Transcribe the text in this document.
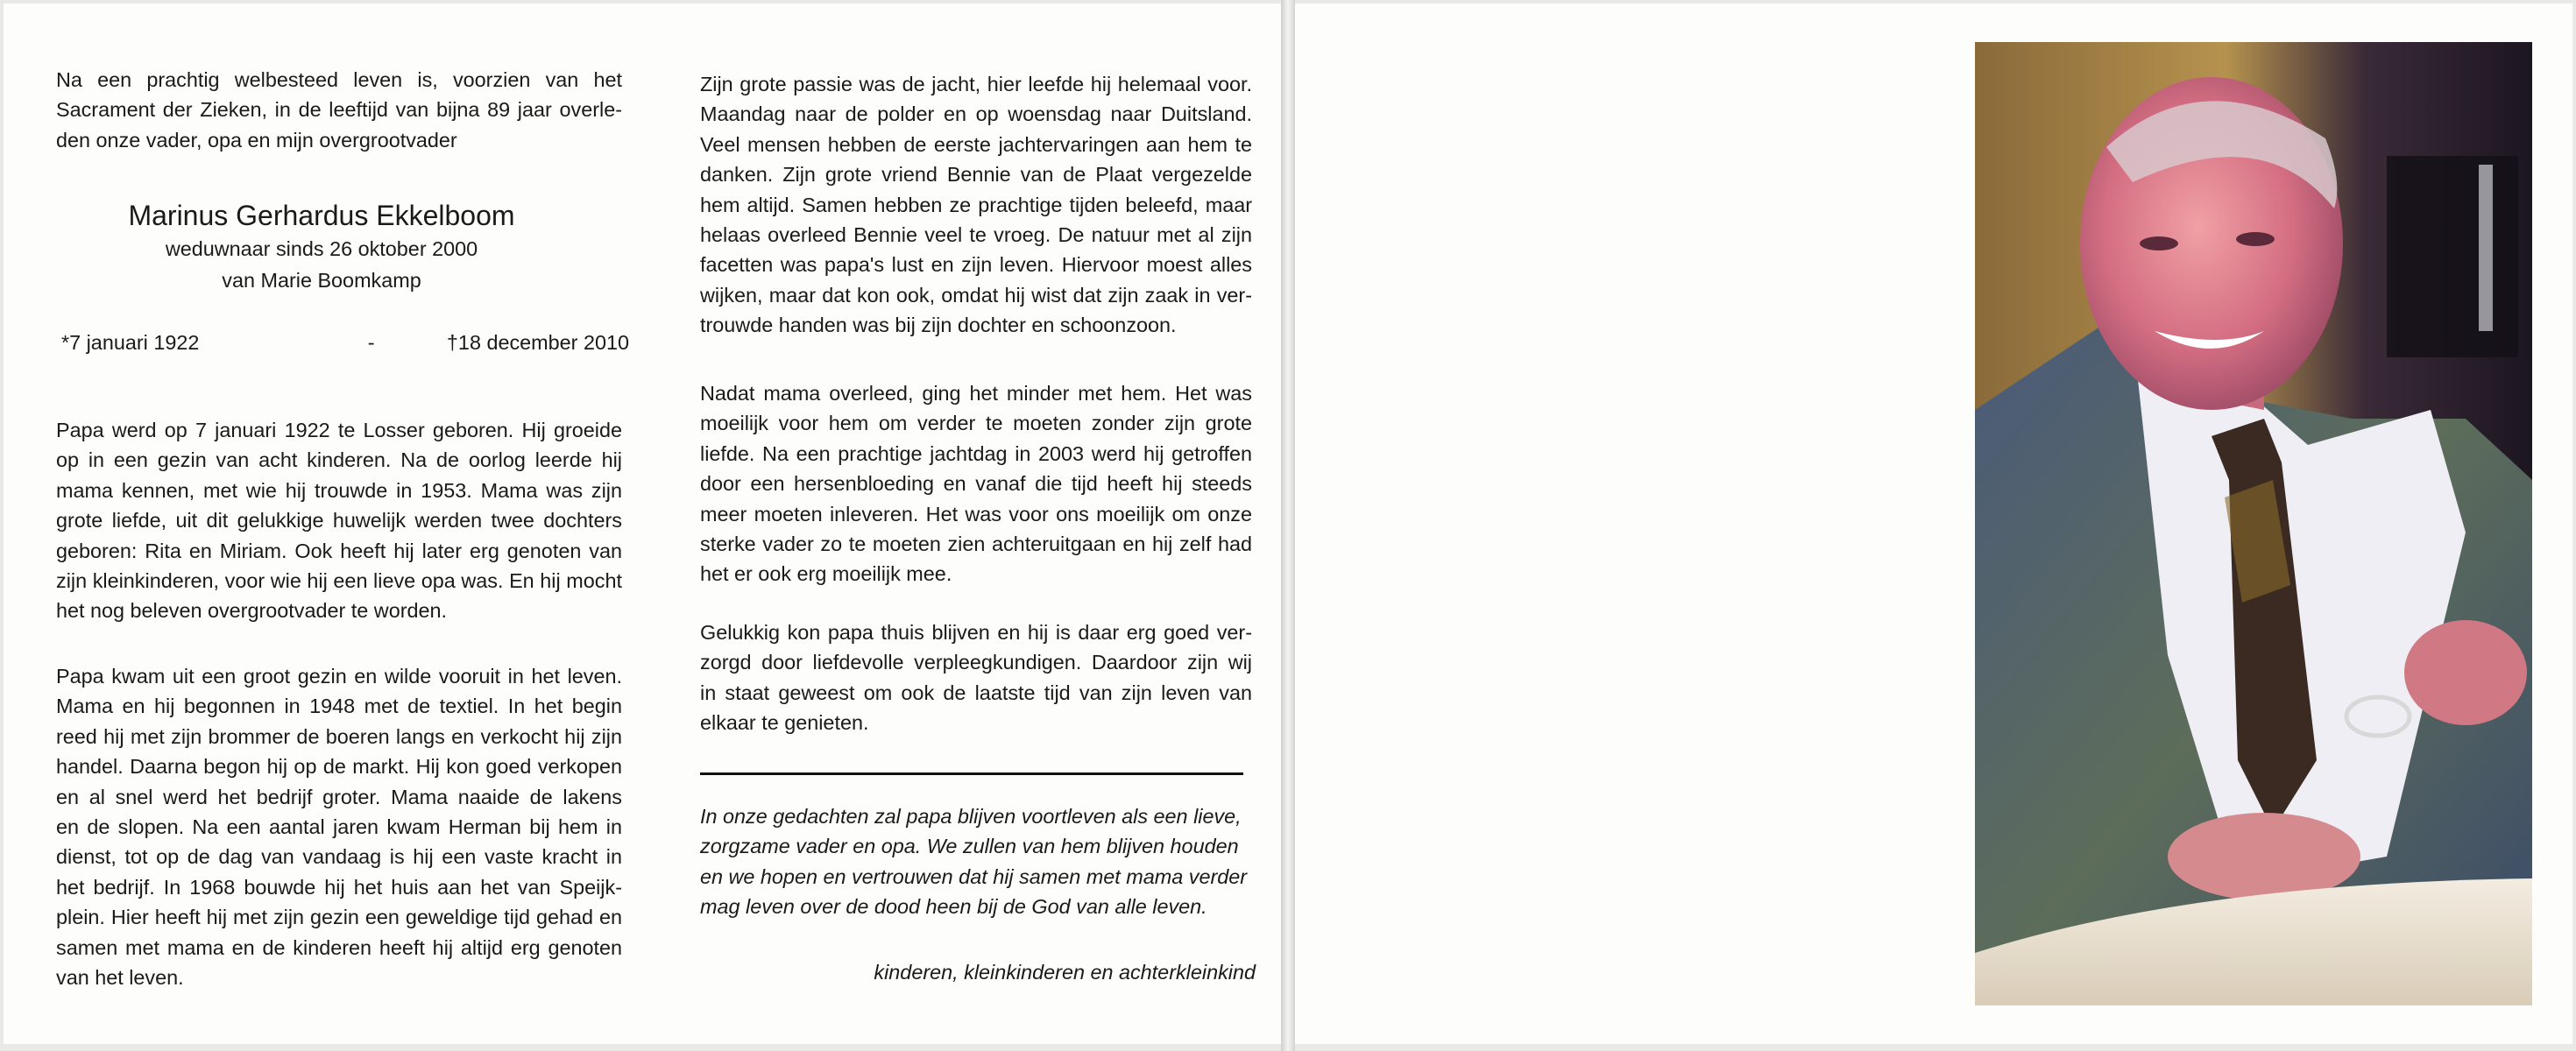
Na een prachtig welbesteed leven is, voorzien van het

Sacrament der Zieken, in de leeftijd van bijna 89 jaar overle-

den onze vader, opa en mijn overgrootvader

Marinus Gerhardus Ekkelboom

weduwnaar sinds 26 oktober 2000

van Marie Boomkamp

*7 januari 1922	-	†18 december 2010

Papa werd op 7 januari 1922 te Losser geboren. Hij groeide

op in een gezin van acht kinderen. Na de oorlog leerde hij

mama kennen, met wie hij trouwde in 1953. Mama was zijn

grote liefde, uit dit gelukkige huwelijk werden twee dochters

geboren: Rita en Miriam. Ook heeft hij later erg genoten van

zijn kleinkinderen, voor wie hij een lieve opa was. En hij mocht

het nog beleven overgrootvader te worden.

Papa kwam uit een groot gezin en wilde vooruit in het leven.

Mama en hij begonnen in 1948 met de textiel. In het begin

reed hij met zijn brommer de boeren langs en verkocht hij zijn

handel. Daarna begon hij op de markt. Hij kon goed verkopen

en al snel werd het bedrijf groter. Mama naaide de lakens

en de slopen. Na een aantal jaren kwam Herman bij hem in

dienst, tot op de dag van vandaag is hij een vaste kracht in

het bedrijf. In 1968 bouwde hij het huis aan het van Speijk-

plein. Hier heeft hij met zijn gezin een geweldige tijd gehad en

samen met mama en de kinderen heeft hij altijd erg genoten

van het leven.

Zijn grote passie was de jacht, hier leefde hij helemaal voor.

Maandag naar de polder en op woensdag naar Duitsland.

Veel mensen hebben de eerste jachtervaringen aan hem te

danken. Zijn grote vriend Bennie van de Plaat vergezelde

hem altijd. Samen hebben ze prachtige tijden beleefd, maar

helaas overleed Bennie veel te vroeg. De natuur met al zijn

facetten was papa's lust en zijn leven. Hiervoor moest alles

wijken, maar dat kon ook, omdat hij wist dat zijn zaak in ver-

trouwde handen was bij zijn dochter en schoonzoon.

Nadat mama overleed, ging het minder met hem. Het was

moeilijk voor hem om verder te moeten zonder zijn grote

liefde. Na een prachtige jachtdag in 2003 werd hij getroffen

door een hersenbloeding en vanaf die tijd heeft hij steeds

meer moeten inleveren. Het was voor ons moeilijk om onze

sterke vader zo te moeten zien achteruitgaan en hij zelf had

het er ook erg moeilijk mee.

Gelukkig kon papa thuis blijven en hij is daar erg goed ver-

zorgd door liefdevolle verpleegkundigen. Daardoor zijn wij

in staat geweest om ook de laatste tijd van zijn leven van

elkaar te genieten.

In onze gedachten zal papa blijven voortleven als een lieve,

zorgzame vader en opa. We zullen van hem blijven houden

en we hopen en vertrouwen dat hij samen met mama verder

mag leven over de dood heen bij de God van alle leven.

kinderen, kleinkinderen en achterkleinkind
